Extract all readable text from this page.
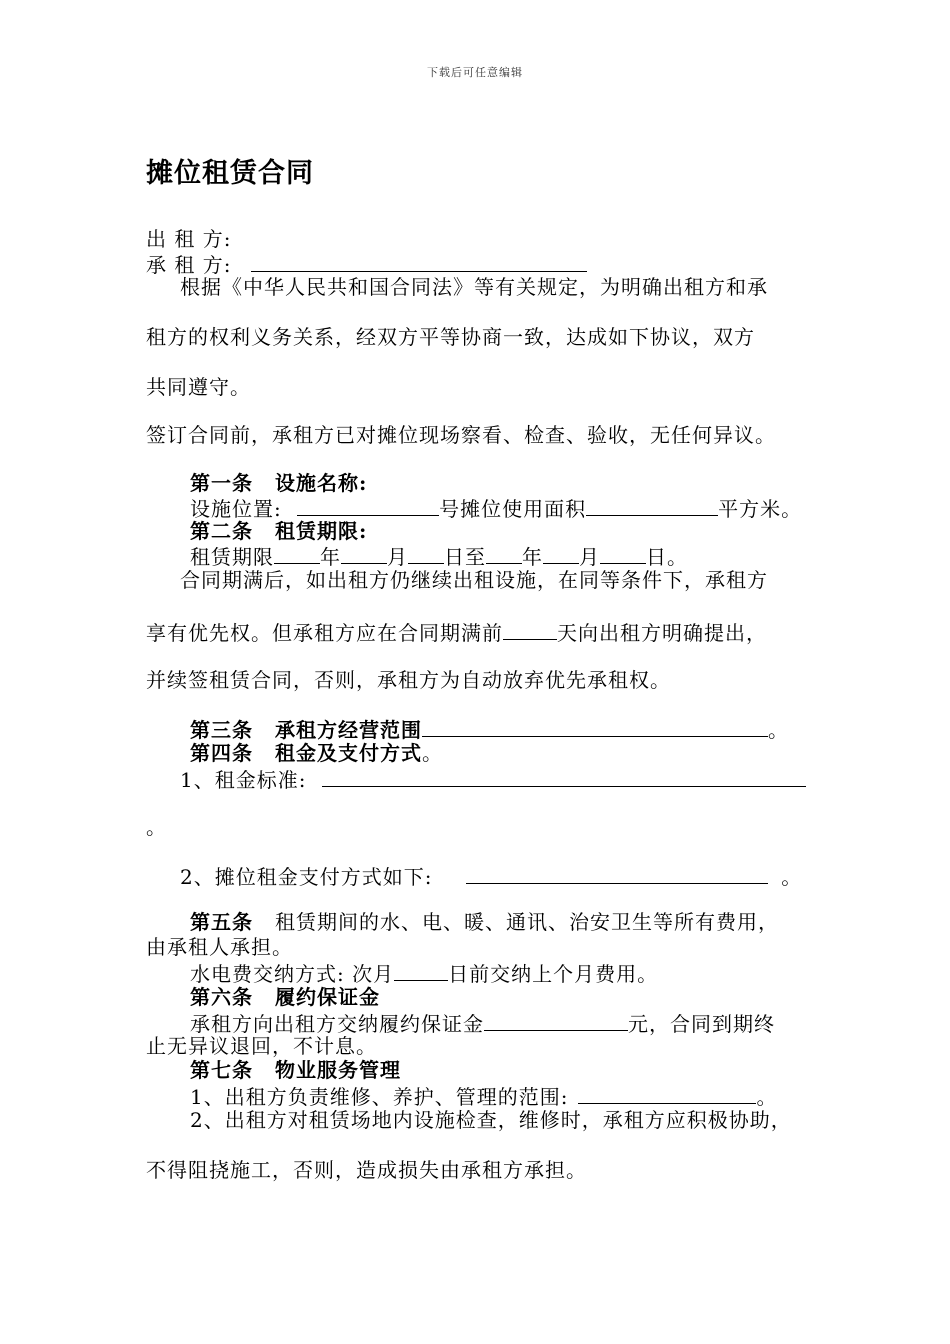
下载后可任意编辑
摊位租赁合同
出 租 方:
承 租 方:
根据《中华人民共和国合同法》等有关规定，为明确出租方和承
租方的权利义务关系，经双方平等协商一致，达成如下协议，双方
共同遵守。
签订合同前，承租方已对摊位现场察看、检查、验收，无任何异议。
第一条 设施名称:
设施位置:	号摊位使用面积	平方米。
第二条 租赁期限:
租赁期限 年 月 日至 年 月 日。
合同期满后，如出租方仍继续出租设施，在同等条件下，承租方
享有优先权。但承租方应在合同期满前	天向出租方明确提出，
并续签租赁合同，否则，承租方为自动放弃优先承租权。
第三条 承租方经营范围	。
第四条 租金及支付方式。
1、租金标准:
。
2、摊位租金支付方式如下:	。
第五条 租赁期间的水、电、暖、通讯、治安卫生等所有费用，
由承租人承担。
水电费交纳方式: 次月	日前交纳上个月费用。
第六条 履约保证金
承租方向出租方交纳履约保证金	元，合同到期终
止无异议退回，不计息。
第七条 物业服务管理
1、出租方负责维修、养护、管理的范围:	。
2、出租方对租赁场地内设施检查，维修时，承租方应积极协助，
不得阻挠施工，否则，造成损失由承租方承担。
